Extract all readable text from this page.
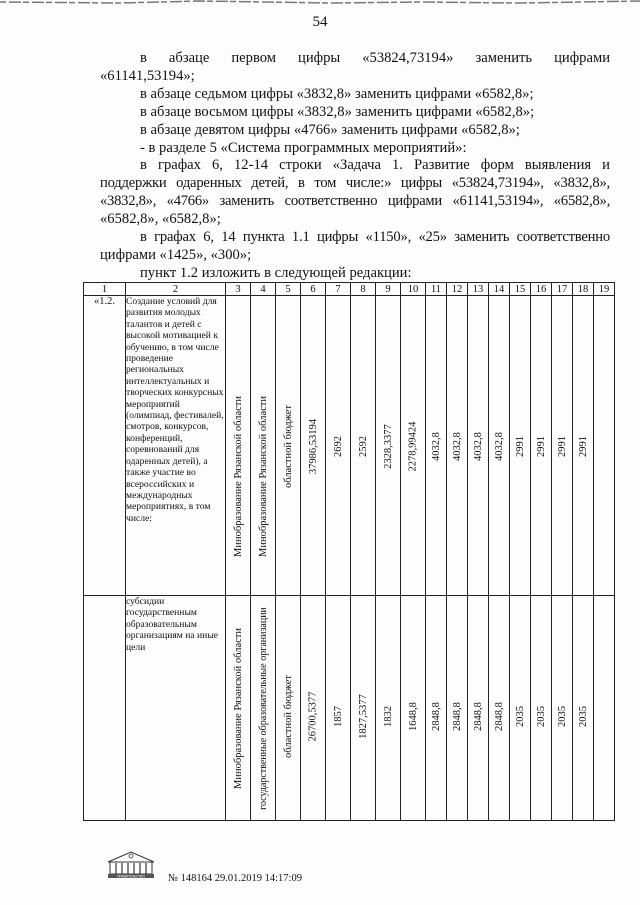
54

в абзаце первом цифры «53824,73194» заменить цифрами

«61141,53194»;

в абзаце седьмом цифры «3832,8» заменить цифрами «6582,8»;

в абзаце восьмом цифры «3832,8» заменить цифрами «6582,8»;

в абзаце девятом цифры «4766» заменить цифрами «6582,8»;

- в разделе 5 «Система программных мероприятий»:

в графах 6, 12-14 строки «Задача 1. Развитие форм выявления и

поддержки одаренных детей, в том числе:» цифры «53824,73194», «3832,8»,

«3832,8», «4766» заменить соответственно цифрами «61141,53194», «6582,8»,

«6582,8», «6582,8»;

в графах 6, 14 пункта 1.1 цифры «1150», «25» заменить соответственно

цифрами «1425», «300»;

пункт 1.2 изложить в следующей редакции:

1	2	3	4	5	6	7	8	9	10	11	12	13	14	15	16	17	18	19
«1.2.	Создание условий для развития молодых талантов и детей с высокой мотивацией к обучению, в том числе проведение региональных интеллектуальных и творческих конкурсных мероприятий (олимпиад, фестивалей, смотров, конкурсов, конференций, соревнований для одаренных детей), а также участие во всероссийских и международных мероприятиях, в том числе:	Минобразование Рязанской области	Минобразование Рязанской области	областной бюджет	37986,53194	2692	2592	2328,3377	2278,99424	4032,8	4032,8	4032,8	4032,8	2991	2991	2991	2991	

	субсидии государственным образовательным организациям на иные цели	Минобразование Рязанской области	государственные образовательные организации	областной бюджет	26700,5377	1857	1827,5377	1832	1648,8	2848,8	2848,8	2848,8	2848,8	2035	2035	2035	2035	

ПРАВИТЕЛЬСТВО № 148164 29.01.2019 14:17:09
